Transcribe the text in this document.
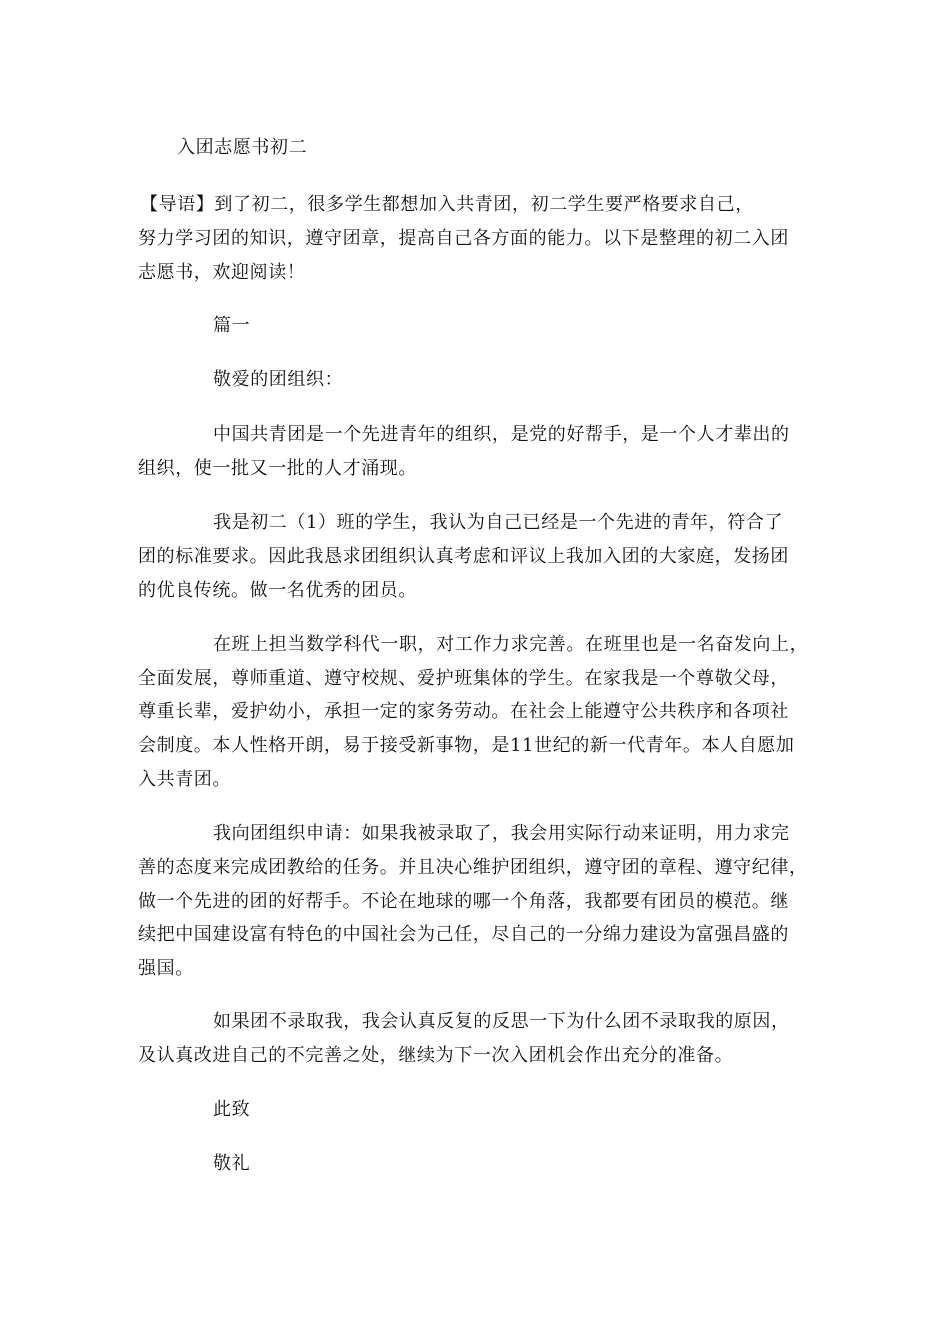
入团志愿书初二
【导语】到了初二，很多学生都想加入共青团，初二学生要严格要求自己，
努力学习团的知识，遵守团章，提高自己各方面的能力。以下是整理的初二入团
志愿书，欢迎阅读！
篇一
敬爱的团组织：
中国共青团是一个先进青年的组织，是党的好帮手，是一个人才辈出的
组织，使一批又一批的人才涌现。
我是初二（1）班的学生，我认为自己已经是一个先进的青年，符合了
团的标准要求。因此我恳求团组织认真考虑和评议上我加入团的大家庭，发扬团
的优良传统。做一名优秀的团员。
在班上担当数学科代一职，对工作力求完善。在班里也是一名奋发向上，
全面发展，尊师重道、遵守校规、爱护班集体的学生。在家我是一个尊敬父母，
尊重长辈，爱护幼小，承担一定的家务劳动。在社会上能遵守公共秩序和各项社
会制度。本人性格开朗，易于接受新事物，是11世纪的新一代青年。本人自愿加
入共青团。
我向团组织申请：如果我被录取了，我会用实际行动来证明，用力求完
善的态度来完成团教给的任务。并且决心维护团组织，遵守团的章程、遵守纪律，
做一个先进的团的好帮手。不论在地球的哪一个角落，我都要有团员的模范。继
续把中国建设富有特色的中国社会为己任，尽自己的一分绵力建设为富强昌盛的
强国。
如果团不录取我，我会认真反复的反思一下为什么团不录取我的原因，
及认真改进自己的不完善之处，继续为下一次入团机会作出充分的准备。
此致
敬礼
